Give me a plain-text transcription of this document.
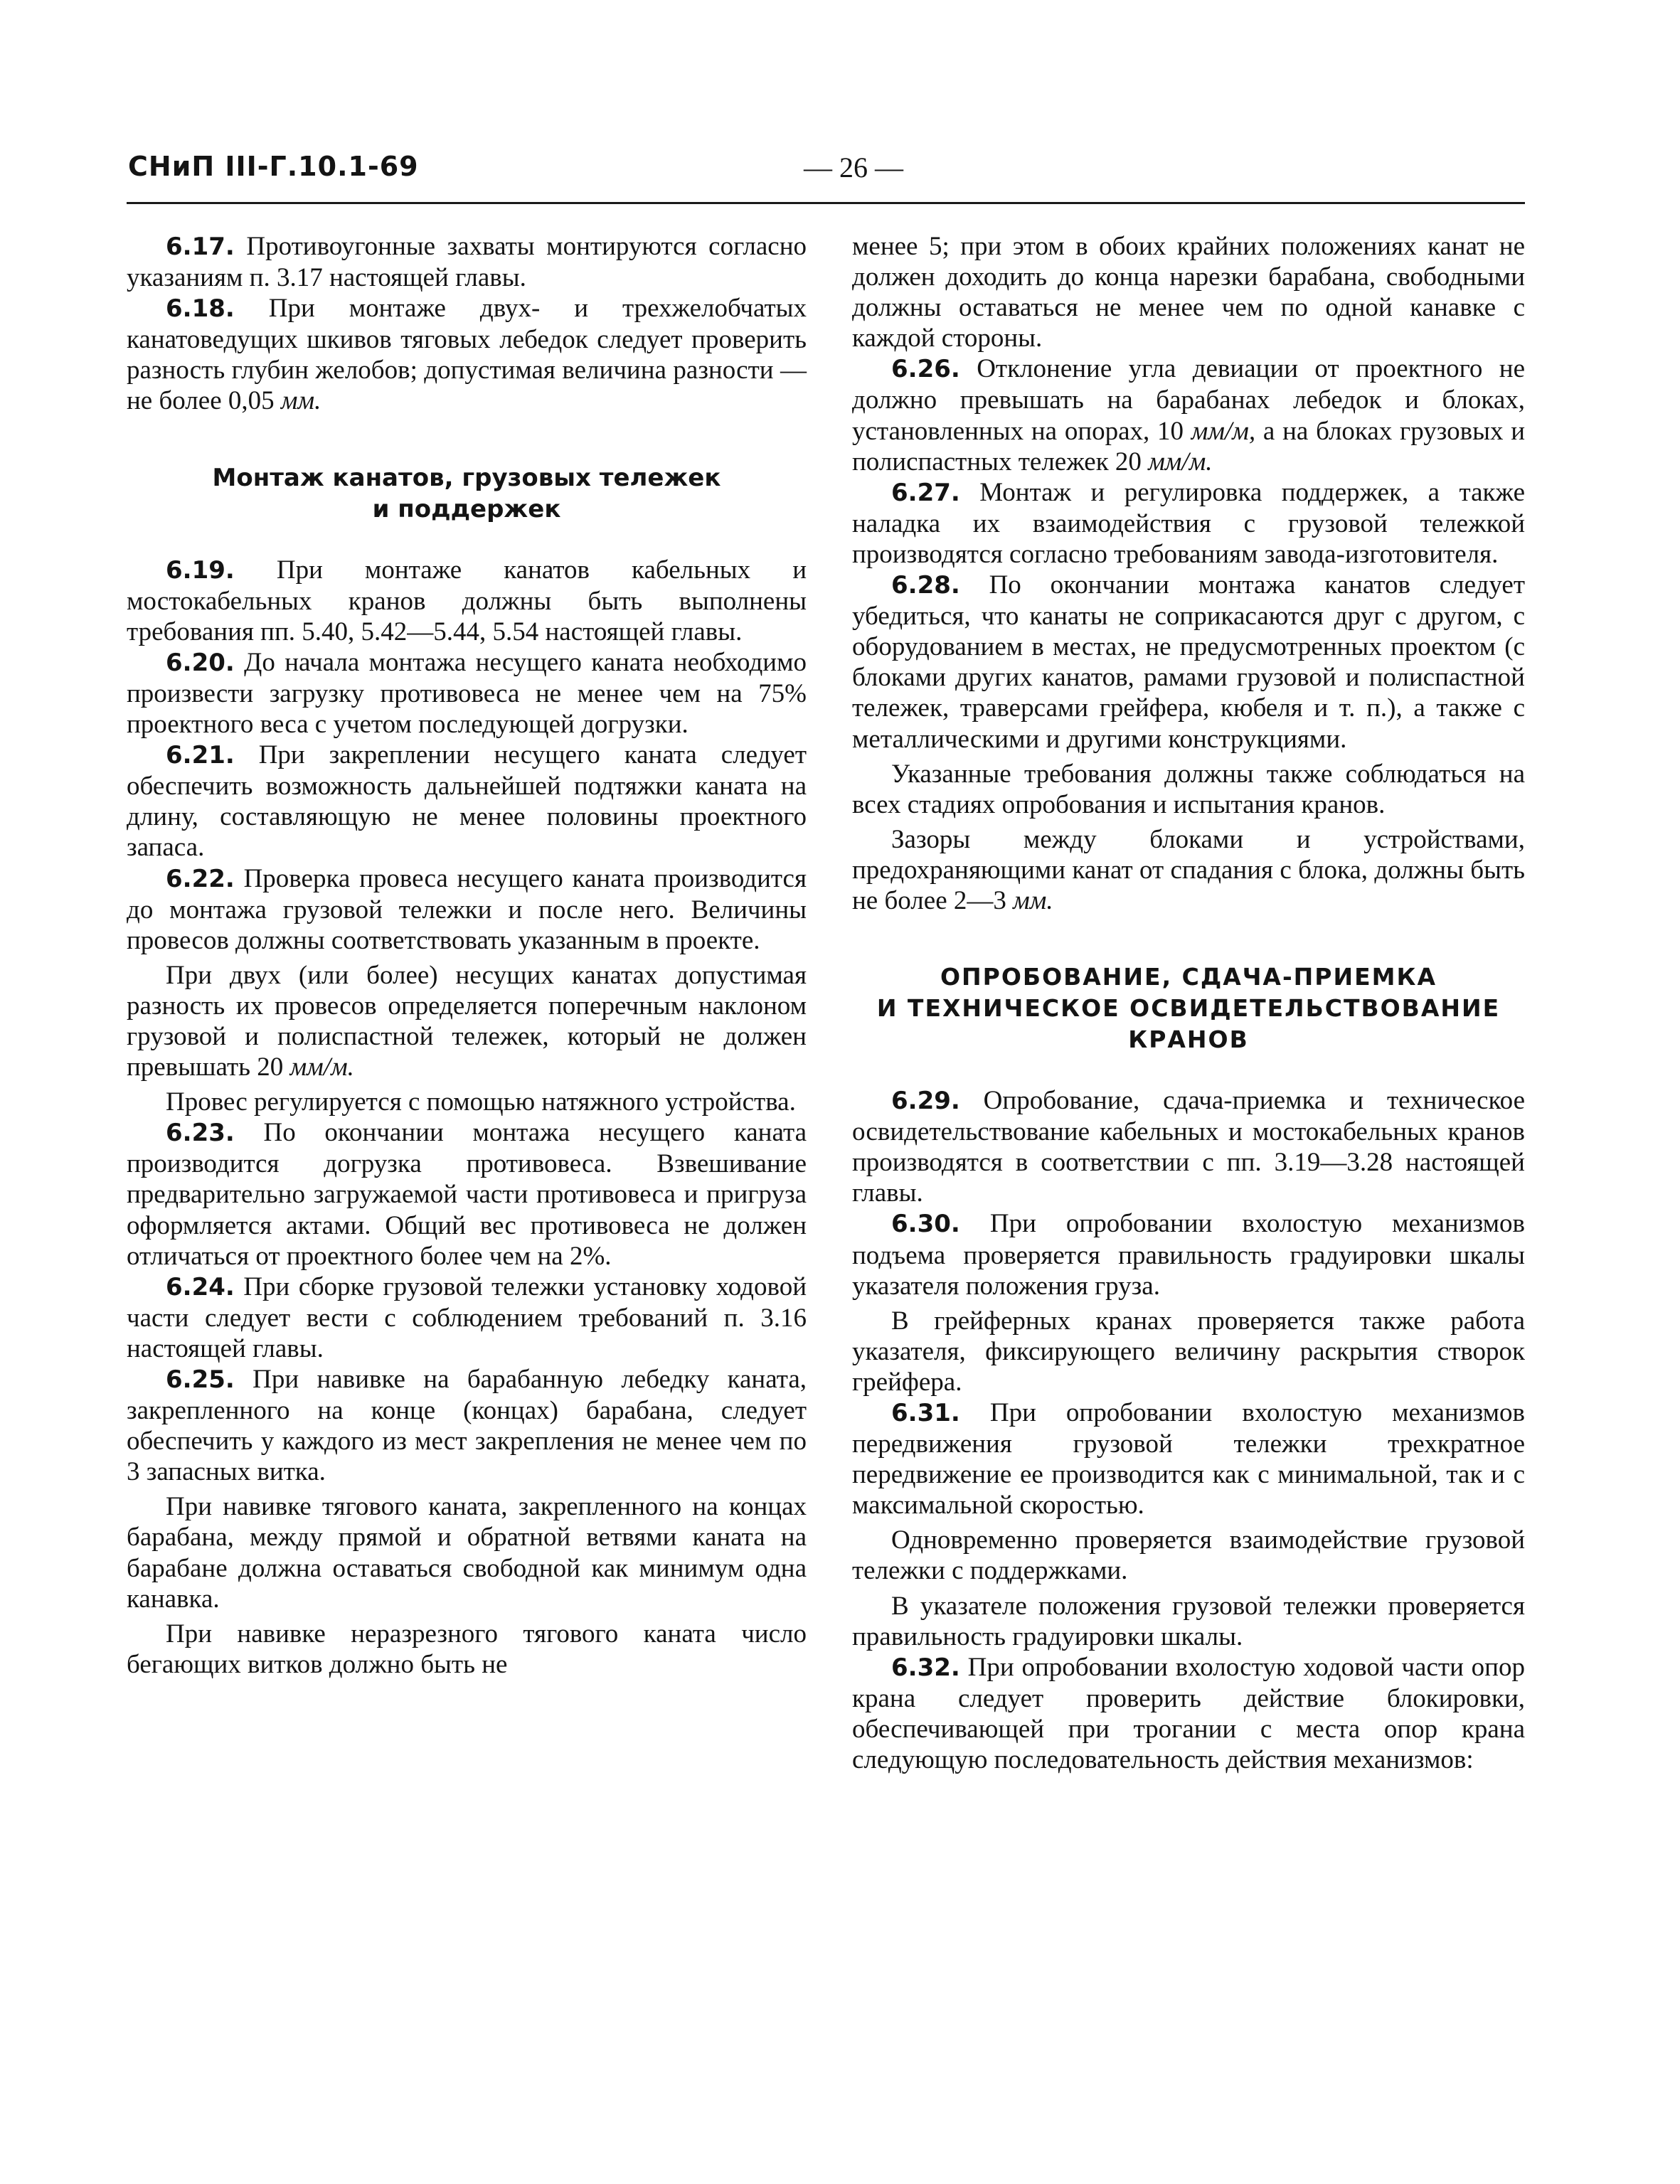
СНиП III-Г.10.1-69	— 26 —

6.17. Противоугонные захваты монтируются согласно указаниям п. 3.17 настоящей главы.

6.18. При монтаже двух- и трехжелобчатых канатоведущих шкивов тяговых лебедок следует проверить разность глубин желобов; допустимая величина разности — не более 0,05 мм.

Монтаж канатов, грузовых тележек
и поддержек

6.19. При монтаже канатов кабельных и мостокабельных кранов должны быть выполнены требования пп. 5.40, 5.42—5.44, 5.54 настоящей главы.

6.20. До начала монтажа несущего каната необходимо произвести загрузку противовеса не менее чем на 75% проектного веса с учетом последующей догрузки.

6.21. При закреплении несущего каната следует обеспечить возможность дальнейшей подтяжки каната на длину, составляющую не менее половины проектного запаса.

6.22. Проверка провеса несущего каната производится до монтажа грузовой тележки и после него. Величины провесов должны соответствовать указанным в проекте.

При двух (или более) несущих канатах допустимая разность их провесов определяется поперечным наклоном грузовой и полиспастной тележек, который не должен превышать 20 мм/м.

Провес регулируется с помощью натяжного устройства.

6.23. По окончании монтажа несущего каната производится догрузка противовеса. Взвешивание предварительно загружаемой части противовеса и пригруза оформляется актами. Общий вес противовеса не должен отличаться от проектного более чем на 2%.

6.24. При сборке грузовой тележки установку ходовой части следует вести с соблюдением требований п. 3.16 настоящей главы.

6.25. При навивке на барабанную лебедку каната, закрепленного на конце (концах) барабана, следует обеспечить у каждого из мест закрепления не менее чем по 3 запасных витка.

При навивке тягового каната, закрепленного на концах барабана, между прямой и обратной ветвями каната на барабане должна оставаться свободной как минимум одна канавка.

При навивке неразрезного тягового каната число бегающих витков должно быть не

менее 5; при этом в обоих крайних положениях канат не должен доходить до конца нарезки барабана, свободными должны оставаться не менее чем по одной канавке с каждой стороны.

6.26. Отклонение угла девиации от проектного не должно превышать на барабанах лебедок и блоках, установленных на опорах, 10 мм/м, а на блоках грузовых и полиспастных тележек 20 мм/м.

6.27. Монтаж и регулировка поддержек, а также наладка их взаимодействия с грузовой тележкой производятся согласно требованиям завода-изготовителя.

6.28. По окончании монтажа канатов следует убедиться, что канаты не соприкасаются друг с другом, с оборудованием в местах, не предусмотренных проектом (с блоками других канатов, рамами грузовой и полиспастной тележек, траверсами грейфера, кюбеля и т. п.), а также с металлическими и другими конструкциями.

Указанные требования должны также соблюдаться на всех стадиях опробования и испытания кранов.

Зазоры между блоками и устройствами, предохраняющими канат от спадания с блока, должны быть не более 2—3 мм.

ОПРОБОВАНИЕ, СДАЧА-ПРИЕМКА
И ТЕХНИЧЕСКОЕ ОСВИДЕТЕЛЬСТВОВАНИЕ
КРАНОВ

6.29. Опробование, сдача-приемка и техническое освидетельствование кабельных и мостокабельных кранов производятся в соответствии с пп. 3.19—3.28 настоящей главы.

6.30. При опробовании вхолостую механизмов подъема проверяется правильность градуировки шкалы указателя положения груза.

В грейферных кранах проверяется также работа указателя, фиксирующего величину раскрытия створок грейфера.

6.31. При опробовании вхолостую механизмов передвижения грузовой тележки трехкратное передвижение ее производится как с минимальной, так и с максимальной скоростью.

Одновременно проверяется взаимодействие грузовой тележки с поддержками.

В указателе положения грузовой тележки проверяется правильность градуировки шкалы.

6.32. При опробовании вхолостую ходовой части опор крана следует проверить действие блокировки, обеспечивающей при трогании с места опор крана следующую последовательность действия механизмов:
